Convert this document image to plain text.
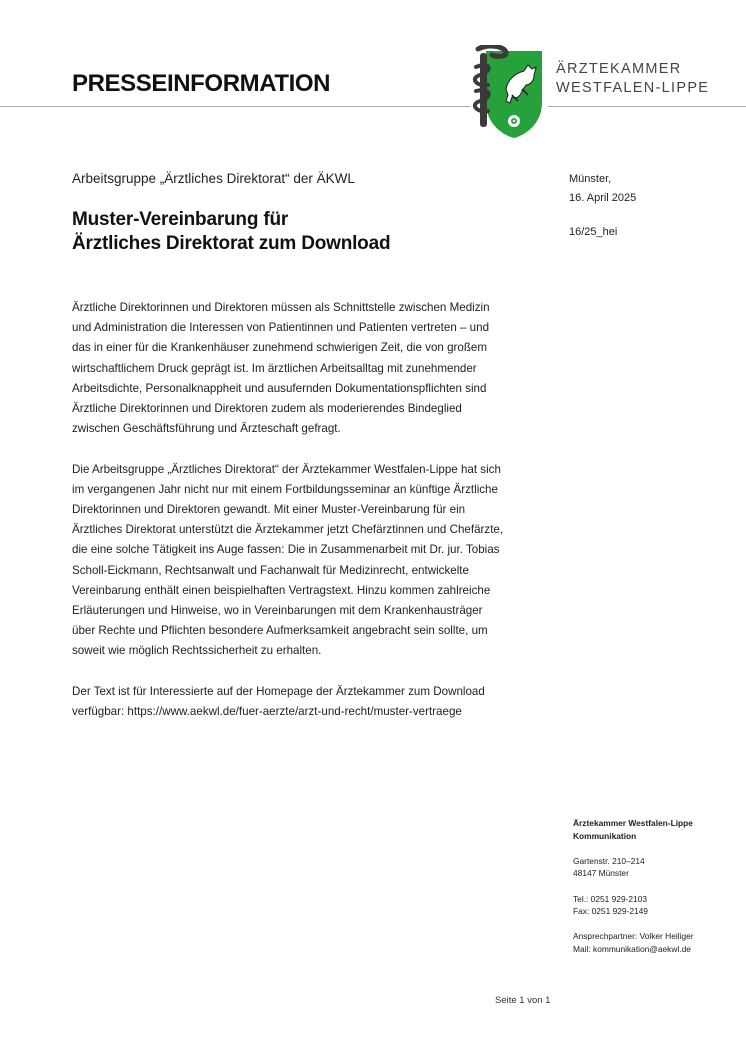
PRESSEINFORMATION
ÄRZTEKAMMER
WESTFALEN-LIPPE
Arbeitsgruppe „Ärztliches Direktorat“ der ÄKWL
Muster-Vereinbarung für
Ärztliches Direktorat zum Download
Münster,
16. April 2025
16/25_hei

Ärztliche Direktorinnen und Direktoren müssen als Schnittstelle zwischen Medizin
und Administration die Interessen von Patientinnen und Patienten vertreten – und
das in einer für die Krankenhäuser zunehmend schwierigen Zeit, die von großem
wirtschaftlichem Druck geprägt ist. Im ärztlichen Arbeitsalltag mit zunehmender
Arbeitsdichte, Personalknappheit und ausufernden Dokumentationspflichten sind
Ärztliche Direktorinnen und Direktoren zudem als moderierendes Bindeglied
zwischen Geschäftsführung und Ärzteschaft gefragt.

Die Arbeitsgruppe „Ärztliches Direktorat“ der Ärztekammer Westfalen-Lippe hat sich
im vergangenen Jahr nicht nur mit einem Fortbildungsseminar an künftige Ärztliche
Direktorinnen und Direktoren gewandt. Mit einer Muster-Vereinbarung für ein
Ärztliches Direktorat unterstützt die Ärztekammer jetzt Chefärztinnen und Chefärzte,
die eine solche Tätigkeit ins Auge fassen: Die in Zusammenarbeit mit Dr. jur. Tobias
Scholl-Eickmann, Rechtsanwalt und Fachanwalt für Medizinrecht, entwickelte
Vereinbarung enthält einen beispielhaften Vertragstext. Hinzu kommen zahlreiche
Erläuterungen und Hinweise, wo in Vereinbarungen mit dem Krankenhausträger
über Rechte und Pflichten besondere Aufmerksamkeit angebracht sein sollte, um
soweit wie möglich Rechtssicherheit zu erhalten.

Der Text ist für Interessierte auf der Homepage der Ärztekammer zum Download
verfügbar: https://www.aekwl.de/fuer-aerzte/arzt-und-recht/muster-vertraege

Ärztekammer Westfalen-Lippe
Kommunikation
Gartenstr. 210–214
48147 Münster
Tel.: 0251 929-2103
Fax: 0251 929-2149
Ansprechpartner: Volker Heiliger
Mail: kommunikation@aekwl.de
Seite 1 von 1
